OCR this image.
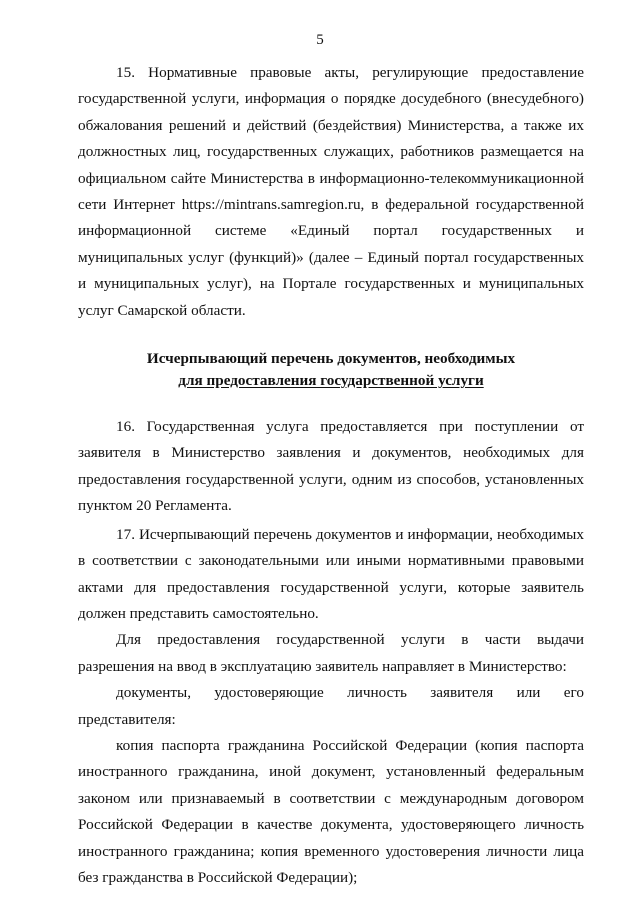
5

15. Нормативные правовые акты, регулирующие предоставление государственной услуги, информация о порядке досудебного (внесудебного) обжалования решений и действий (бездействия) Министерства, а также их должностных лиц, государственных служащих, работников размещается на официальном сайте Министерства в информационно-телекоммуникационной сети Интернет https://mintrans.samregion.ru, в федеральной государственной информационной системе «Единый портал государственных и муниципальных услуг (функций)» (далее – Единый портал государственных и муниципальных услуг), на Портале государственных и муниципальных услуг Самарской области.

Исчерпывающий перечень документов, необходимых
для предоставления государственной услуги

16. Государственная услуга предоставляется при поступлении от заявителя в Министерство заявления и документов, необходимых для предоставления государственной услуги, одним из способов, установленных пунктом 20 Регламента.

17. Исчерпывающий перечень документов и информации, необходимых в соответствии с законодательными или иными нормативными правовыми актами для предоставления государственной услуги, которые заявитель должен представить самостоятельно.

Для предоставления государственной услуги в части выдачи разрешения на ввод в эксплуатацию заявитель направляет в Министерство:

документы, удостоверяющие личность заявителя или его представителя:

копия паспорта гражданина Российской Федерации (копия паспорта иностранного гражданина, иной документ, установленный федеральным законом или признаваемый в соответствии с международным договором Российской Федерации в качестве документа, удостоверяющего личность иностранного гражданина; копия временного удостоверения личности лица без гражданства в Российской Федерации);
